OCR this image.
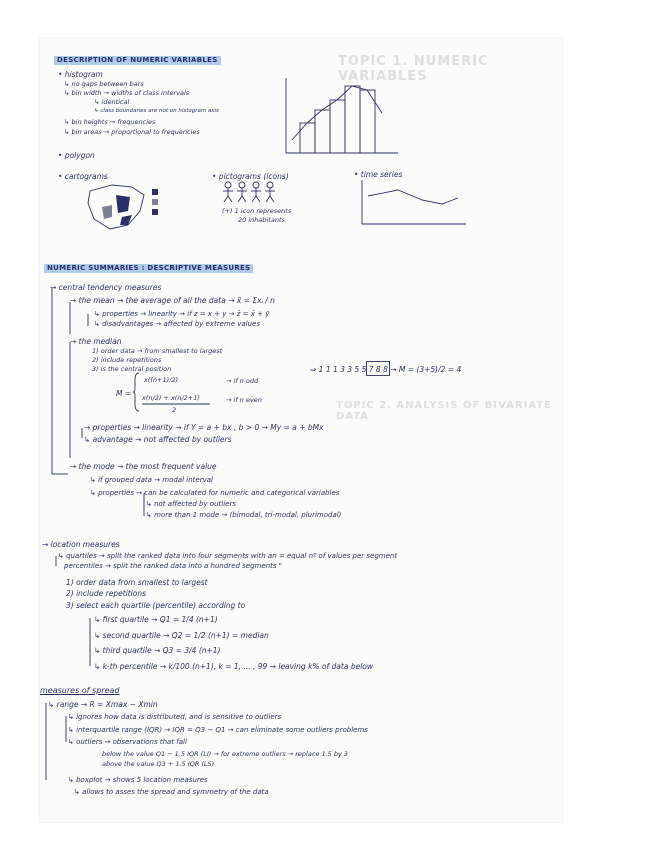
TOPIC 1. NUMERIC VARIABLES
TOPIC 2. ANALYSIS OF BIVARIATE DATA
DESCRIPTION OF NUMERIC VARIABLES
• histogram
↳ no gaps between bars
↳ bin width → widths of class intervals
↳ identical
↳ class boundaries are not on histogram axis
↳ bin heights → frequencies
↳ bin areas → proportional to frequencies
• polygon
• cartograms	• pictograms (icons)
(+) 1 icon represents
20 inhabitants
• time series
NUMERIC SUMMARIES : DESCRIPTIVE MEASURES
→ central tendency measures
→ the mean → the average of all the data → x̄ = Σxᵢ / n
↳ properties → linearity → if z = x + y → z̄ = x̄ + ȳ
↳ disadvantages → affected by extreme values
→ the median
1) order data → from smallest to largest
2) include repetitions
3) is the central position
M =
x((n+1)/2)
x(n/2) + x(n/2+1)
2
→ if n odd
→ if n even
⇒ 1 1 1 3 3 5 5 7 8 8 → M = (3+5)/2 = 4
→ properties → linearity → if Y = a + bx , b > 0 → My = a + bMx
↳ advantage → not affected by outliers
→ the mode → the most frequent value
↳ if grouped data → modal interval
↳ properties → can be calculated for numeric and categorical variables
↳ not affected by outliers
↳ more than 1 mode → (bimodal, tri-modal, plurimodal)
→ location measures
↳ quartiles → split the ranked data into four segments with an = equal nº of values per segment
percentiles → split the ranked data into a hundred segments "
1) order data from smallest to largest
2) include repetitions
3) select each quartile (percentile) according to
↳ first quartile → Q1 = 1/4 (n+1)
↳ second quartile → Q2 = 1/2 (n+1) = median
↳ third quartile → Q3 = 3/4 (n+1)
↳ k-th percentile → k/100 (n+1), k = 1, ... , 99 → leaving k% of data below
measures of spread
↳ range → R = Xmax − Xmin
↳ ignores how data is distributed, and is sensitive to outliers
↳ interquartile range (IQR) → IQR = Q3 − Q1 → can eliminate some outliers problems
↳ outliers → observations that fall
below the value Q1 − 1.5 IQR (LI) → for extreme outliers → replace 1.5 by 3
above the value Q3 + 1.5 IQR (LS)
↳ boxplot → shows 5 location measures
↳ allows to asses the spread and symmetry of the data
